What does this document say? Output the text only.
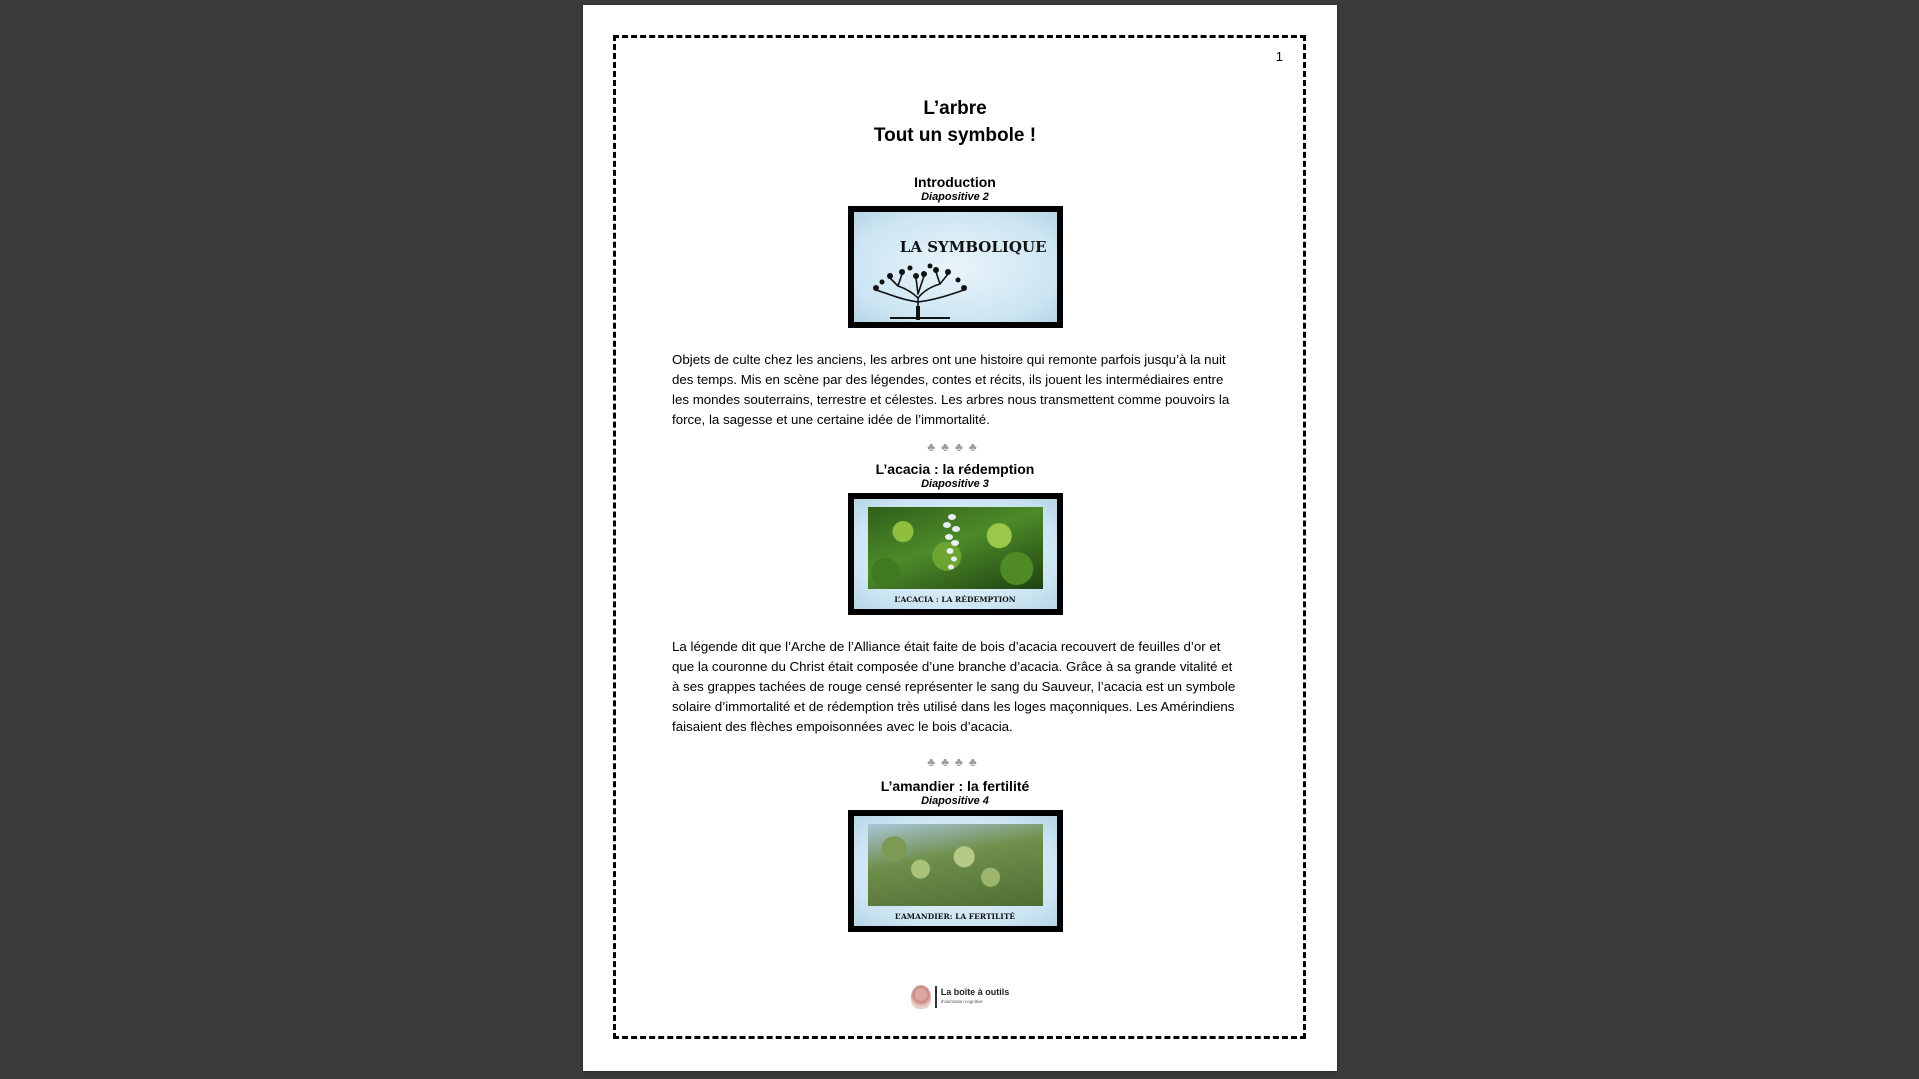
1
L’arbre
Tout un symbole !
Introduction
Diapositive 2
LA SYMBOLIQUE

Objets de culte chez les anciens, les arbres ont une histoire qui remonte parfois jusqu’à la nuit des temps. Mis en scène par des légendes, contes et récits, ils jouent les intermédiaires entre les mondes souterrains, terrestre et célestes. Les arbres nous transmettent comme pouvoirs la force, la sagesse et une certaine idée de l’immortalité.

♣♣♣♣
L’acacia : la rédemption
Diapositive 3
L’ACACIA : LA RÉDEMPTION

La légende dit que l’Arche de l’Alliance était faite de bois d’acacia recouvert de feuilles d’or et que la couronne du Christ était composée d’une branche d’acacia. Grâce à sa grande vitalité et à ses grappes tachées de rouge censé représenter le sang du Sauveur, l’acacia est un symbole solaire d’immortalité et de rédemption très utilisé dans les loges maçonniques. Les Amérindiens faisaient des flèches empoisonnées avec le bois d’acacia.

♣♣♣♣
L’amandier : la fertilité
Diapositive 4
L’AMANDIER: LA FERTILITÉ
La boîte à outils
d’animation cognitive
